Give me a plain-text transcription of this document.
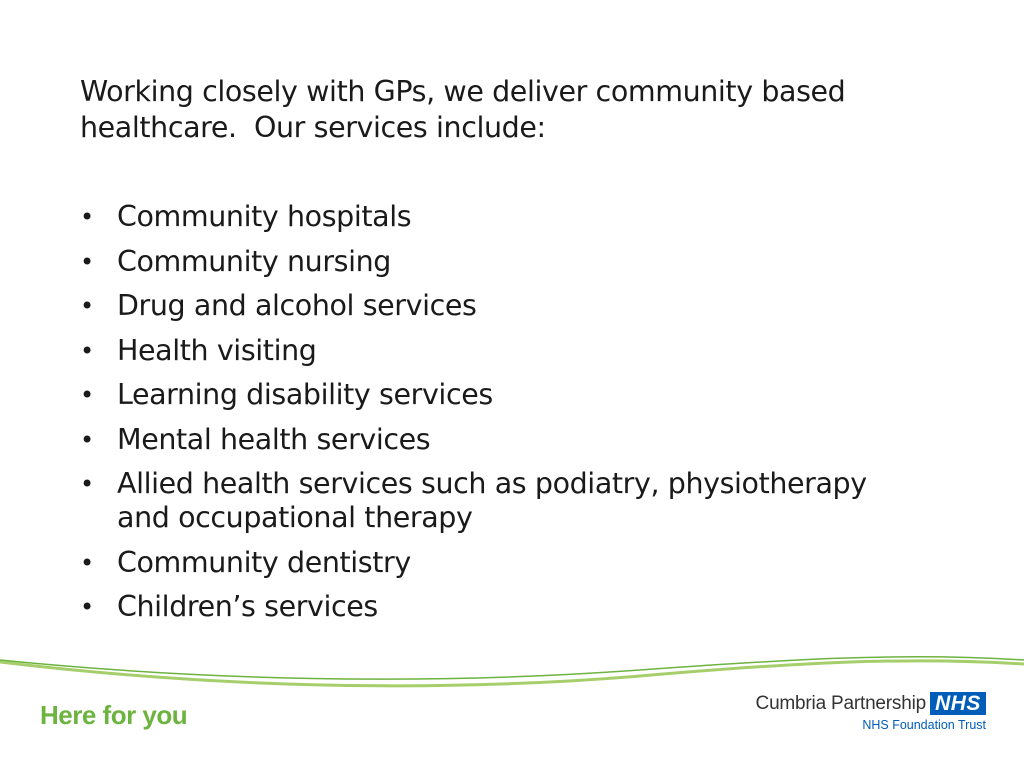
Working closely with GPs, we deliver community based
healthcare.  Our services include:
• Community hospitals
• Community nursing
• Drug and alcohol services
• Health visiting
• Learning disability services
• Mental health services
• Allied health services such as podiatry, physiotherapy
and occupational therapy
• Community dentistry
• Children’s services
Here for you	Cumbria Partnership NHS
NHS Foundation Trust
